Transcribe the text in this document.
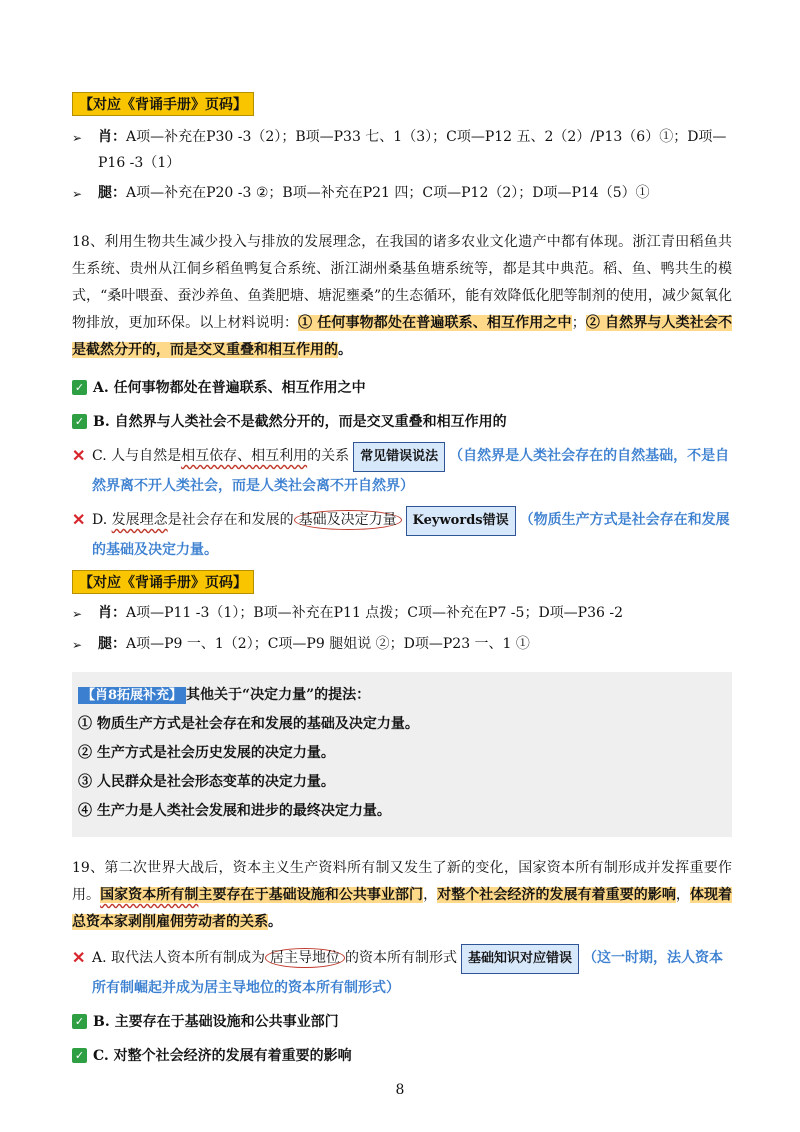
【对应《背诵手册》页码】
➢	肖：A项—补充在P30 -3（2）；B项—P33 七、1（3）；C项—P12 五、2（2）/P13（6）①；D项—P16 -3（1）
➢	腿：A项—补充在P20 -3 ②；B项—补充在P21 四；C项—P12（2）；D项—P14（5）①

18、利用生物共生减少投入与排放的发展理念，在我国的诸多农业文化遗产中都有体现。浙江青田稻鱼共生系统、贵州从江侗乡稻鱼鸭复合系统、浙江湖州桑基鱼塘系统等，都是其中典范。稻、鱼、鸭共生的模式，“桑叶喂蚕、蚕沙养鱼、鱼粪肥塘、塘泥壅桑”的生态循环，能有效降低化肥等制剂的使用，减少氮氧化物排放，更加环保。以上材料说明：① 任何事物都处在普遍联系、相互作用之中；② 自然界与人类社会不是截然分开的，而是交叉重叠和相互作用的。

✓ A. 任何事物都处在普遍联系、相互作用之中
✓ B. 自然界与人类社会不是截然分开的，而是交叉重叠和相互作用的
✕ C. 人与自然是相互依存、相互利用的关系 常见错误说法 （自然界是人类社会存在的自然基础，不是自然界离不开人类社会，而是人类社会离不开自然界）
✕ D. 发展理念是社会存在和发展的 基础及决定力量 Keywords错误 （物质生产方式是社会存在和发展的基础及决定力量。
【对应《背诵手册》页码】
➢	肖：A项—P11 -3（1）；B项—补充在P11 点拨；C项—补充在P7 -5；D项—P36 -2
➢	腿：A项—P9 一、1（2）；C项—P9 腿姐说 ②；D项—P23 一、1 ①
【肖8拓展补充】 其他关于“决定力量”的提法：
① 物质生产方式是社会存在和发展的基础及决定力量。
② 生产方式是社会历史发展的决定力量。
③ 人民群众是社会形态变革的决定力量。
④ 生产力是人类社会发展和进步的最终决定力量。

19、第二次世界大战后，资本主义生产资料所有制又发生了新的变化，国家资本所有制形成并发挥重要作用。国家资本所有制主要存在于基础设施和公共事业部门，对整个社会经济的发展有着重要的影响，体现着总资本家剥削雇佣劳动者的关系。

✕ A. 取代法人资本所有制成为 居主导地位 的资本所有制形式 基础知识对应错误 （这一时期，法人资本所有制崛起并成为居主导地位的资本所有制形式）
✓ B. 主要存在于基础设施和公共事业部门
✓ C. 对整个社会经济的发展有着重要的影响
8
